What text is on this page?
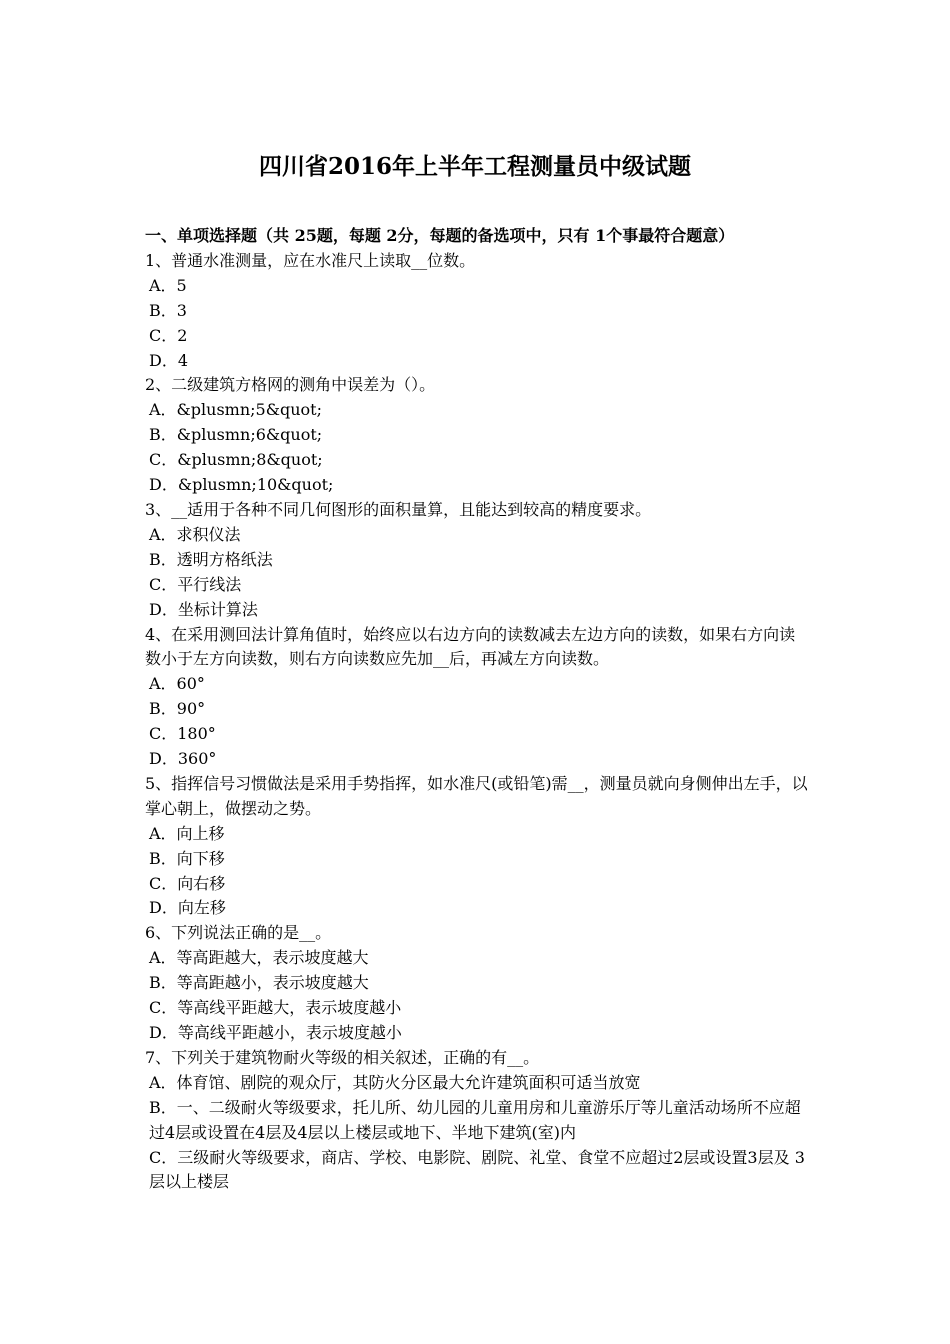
四川省2016年上半年工程测量员中级试题

一、单项选择题（共 25题，每题 2分，每题的备选项中，只有 1个事最符合题意）

1、普通水准测量，应在水准尺上读取__位数。

A．5
B．3
C．2
D．4

2、二级建筑方格网的测角中误差为（）。

A．&plusmn;5&quot;
B．&plusmn;6&quot;
C．&plusmn;8&quot;
D．&plusmn;10&quot;

3、__适用于各种不同几何图形的面积量算，且能达到较高的精度要求。

A．求积仪法
B．透明方格纸法
C．平行线法
D．坐标计算法

4、在采用测回法计算角值时，始终应以右边方向的读数减去左边方向的读数，如果右方向读数小于左方向读数，则右方向读数应先加__后，再减左方向读数。

A．60°
B．90°
C．180°
D．360°

5、指挥信号习惯做法是采用手势指挥，如水准尺(或铅笔)需__，测量员就向身侧伸出左手，以掌心朝上，做摆动之势。

A．向上移
B．向下移
C．向右移
D．向左移

6、下列说法正确的是__。

A．等高距越大，表示坡度越大
B．等高距越小，表示坡度越大
C．等高线平距越大，表示坡度越小
D．等高线平距越小，表示坡度越小

7、下列关于建筑物耐火等级的相关叙述，正确的有__。

A．体育馆、剧院的观众厅，其防火分区最大允许建筑面积可适当放宽
B．一、二级耐火等级要求，托儿所、幼儿园的儿童用房和儿童游乐厅等儿童活动场所不应超过4层或设置在4层及4层以上楼层或地下、半地下建筑(室)内
C．三级耐火等级要求，商店、学校、电影院、剧院、礼堂、食堂不应超过2层或设置3层及 3层以上楼层
